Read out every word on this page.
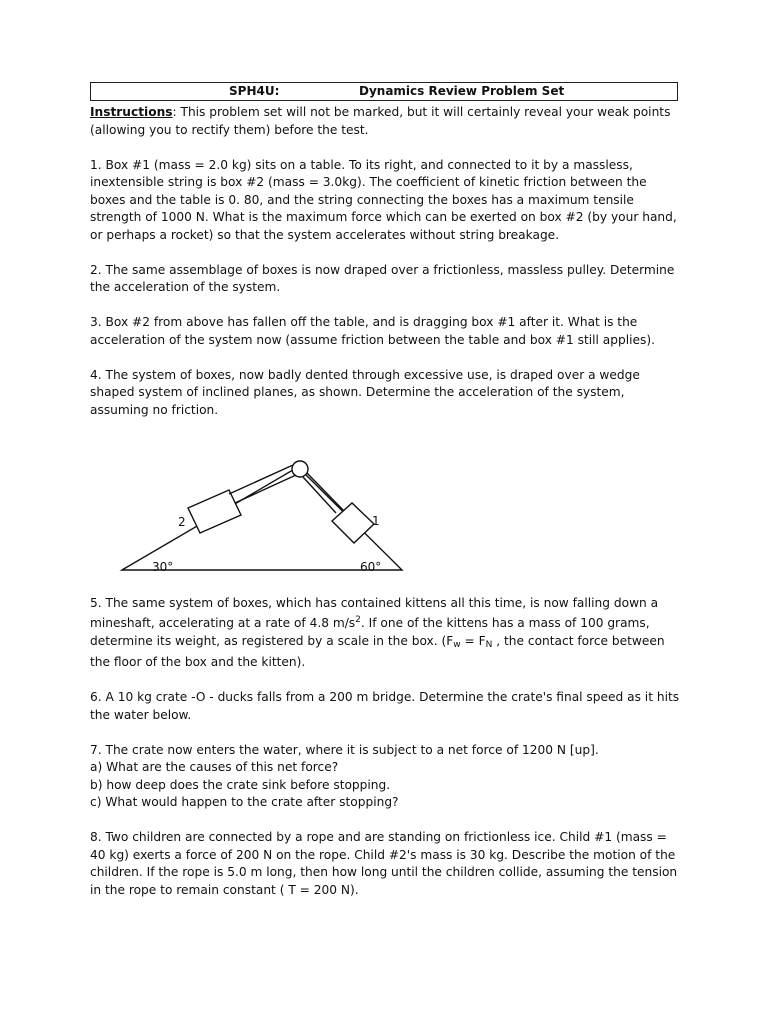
SPH4U:	Dynamics Review Problem Set

Instructions: This problem set will not be marked, but it will certainly reveal your weak points (allowing you to rectify them) before the test.

1. Box #1 (mass = 2.0 kg) sits on a table. To its right, and connected to it by a massless, inextensible string is box #2 (mass = 3.0kg). The coefficient of kinetic friction between the boxes and the table is 0. 80, and the string connecting the boxes has a maximum tensile strength of 1000 N. What is the maximum force which can be exerted on box #2 (by your hand, or perhaps a rocket) so that the system accelerates without string breakage.

2. The same assemblage of boxes is now draped over a frictionless, massless pulley. Determine the acceleration of the system.

3. Box #2 from above has fallen off the table, and is dragging box #1 after it. What is the acceleration of the system now (assume friction between the table and box #1 still applies).

4. The system of boxes, now badly dented through excessive use, is draped over a wedge shaped system of inclined planes, as shown. Determine the acceleration of the system, assuming no friction.

2	1
30°	60°

5. The same system of boxes, which has contained kittens all this time, is now falling down a mineshaft, accelerating at a rate of 4.8 $m/s^2$. If one of the kittens has a mass of 100 grams, determine its weight, as registered by a scale in the box. ($F_w = F_N$ , the contact force between the floor of the box and the kitten).

6. A 10 kg crate -O - ducks falls from a 200 m bridge. Determine the crate's final speed as it hits the water below.

7. The crate now enters the water, where it is subject to a net force of 1200 N [up].
a) What are the causes of this net force?
b) how deep does the crate sink before stopping.
c) What would happen to the crate after stopping?

8. Two children are connected by a rope and are standing on frictionless ice. Child #1 (mass = 40 kg) exerts a force of 200 N on the rope. Child #2's mass is 30 kg. Describe the motion of the children. If the rope is 5.0 m long, then how long until the children collide, assuming the tension in the rope to remain constant ( T = 200 N).
